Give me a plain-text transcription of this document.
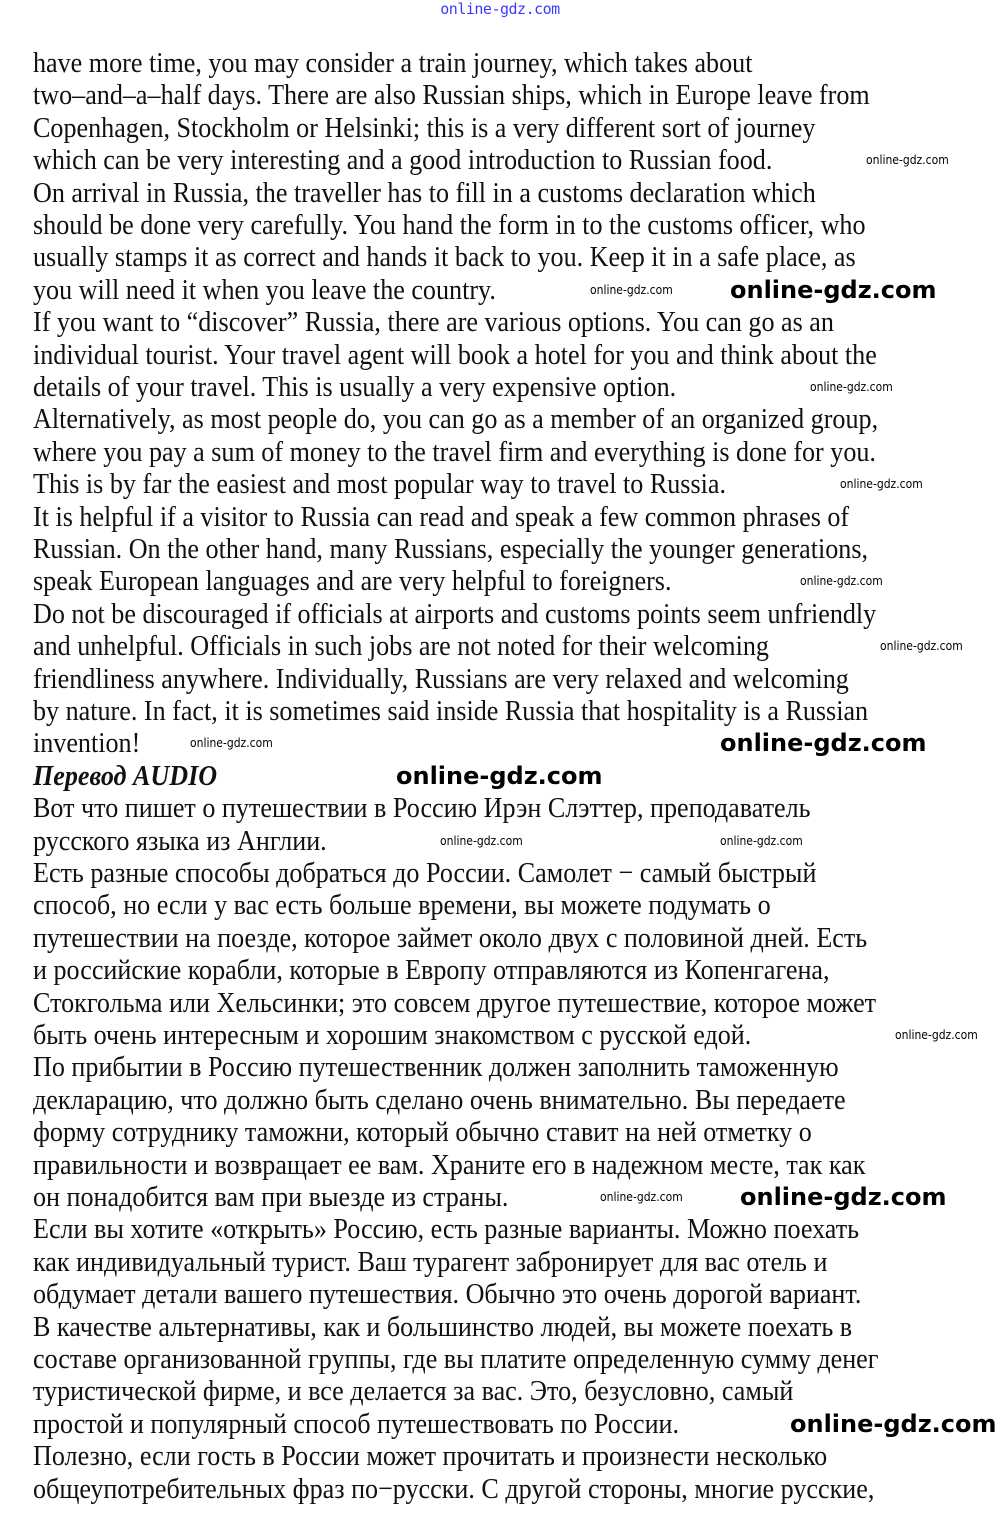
online-gdz.com
have more time, you may consider a train journey, which takes about
two–and–a–half days. There are also Russian ships, which in Europe leave from
Copenhagen, Stockholm or Helsinki; this is a very different sort of journey
which can be very interesting and a good introduction to Russian food.
On arrival in Russia, the traveller has to fill in a customs declaration which
should be done very carefully. You hand the form in to the customs officer, who
usually stamps it as correct and hands it back to you. Keep it in a safe place, as
you will need it when you leave the country.
If you want to “discover” Russia, there are various options. You can go as an
individual tourist. Your travel agent will book a hotel for you and think about the
details of your travel. This is usually a very expensive option.
Alternatively, as most people do, you can go as a member of an organized group,
where you pay a sum of money to the travel firm and everything is done for you.
This is by far the easiest and most popular way to travel to Russia.
It is helpful if a visitor to Russia can read and speak a few common phrases of
Russian. On the other hand, many Russians, especially the younger generations,
speak European languages and are very helpful to foreigners.
Do not be discouraged if officials at airports and customs points seem unfriendly
and unhelpful. Officials in such jobs are not noted for their welcoming
friendliness anywhere. Individually, Russians are very relaxed and welcoming
by nature. In fact, it is sometimes said inside Russia that hospitality is a Russian
invention!
Перевод AUDIO
Вот что пишет о путешествии в Россию Ирэн Слэттер, преподаватель
русского языка из Англии.
Есть разные способы добраться до России. Самолет − самый быстрый
способ, но если у вас есть больше времени, вы можете подумать о
путешествии на поезде, которое займет около двух с половиной дней. Есть
и российские корабли, которые в Европу отправляются из Копенгагена,
Стокгольма или Хельсинки; это совсем другое путешествие, которое может
быть очень интересным и хорошим знакомством с русской едой.
По прибытии в Россию путешественник должен заполнить таможенную
декларацию, что должно быть сделано очень внимательно. Вы передаете
форму сотруднику таможни, который обычно ставит на ней отметку о
правильности и возвращает ее вам. Храните его в надежном месте, так как
он понадобится вам при выезде из страны.
Если вы хотите «открыть» Россию, есть разные варианты. Можно поехать
как индивидуальный турист. Ваш турагент забронирует для вас отель и
обдумает детали вашего путешествия. Обычно это очень дорогой вариант.
В качестве альтернативы, как и большинство людей, вы можете поехать в
составе организованной группы, где вы платите определенную сумму денег
туристической фирме, и все делается за вас. Это, безусловно, самый
простой и популярный способ путешествовать по России.
Полезно, если гость в России может прочитать и произнести несколько
общеупотребительных фраз по−русски. С другой стороны, многие русские,
online-gdz.com
online-gdz.com online-gdz.com
online-gdz.com
online-gdz.com
online-gdz.com
online-gdz.com
online-gdz.com	online-gdz.com
online-gdz.com
online-gdz.com	online-gdz.com
online-gdz.com
online-gdz.com online-gdz.com
online-gdz.com
